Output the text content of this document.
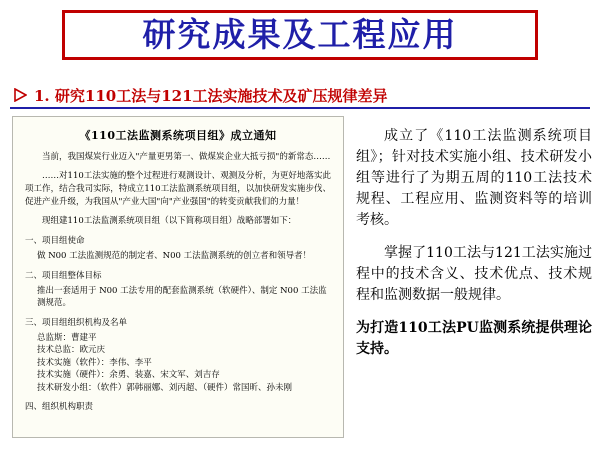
研究成果及工程应用
1. 研究110工法与121工法实施技术及矿压规律差异
《110工法监测系统项目组》成立通知
当前，我国煤炭行业迈入"产量更男第一、做煤炭企业大抵亏损"的新常态……
……对110工法实施的整个过程进行观测设计、观测及分析，为更好地落实此项工作，结合我司实际，特成立110工法监测系统项目组，以加快研发实施步伐、促进产业升级，为我国从"产业大国"向"产业强国"的转变贡献我们的力量！
现组建110工法监测系统项目组（以下简称项目组）战略部署如下：
一、项目组使命
做 N00 工法监测规范的制定者、N00 工法监测系统的创立者和领导者！
二、项目组整体目标
推出一套适用于 N00 工法专用的配套监测系统（软硬件）、制定 N00 工法监测规范。
三、项目组组织机构及名单
总监斯：曹建平
技术总监：欧元庆
技术实施（软件）：李伟、李平
技术实施（硬件）：余勇、装嘉、宋文军、刘吉存
技术研发小组：（软件）郭韩丽娜、刘丙超、（硬件）常国昕、孙未刚
四、组织机构职责

成立了《110工法监测系统项目组》；针对技术实施小组、技术研发小组等进行了为期五周的110工法技术规程、工程应用、监测资料等的培训考核。

掌握了110工法与121工法实施过程中的技术含义、技术优点、技术规程和监测数据一般规律。

为打造110工法PU监测系统提供理论支持。
